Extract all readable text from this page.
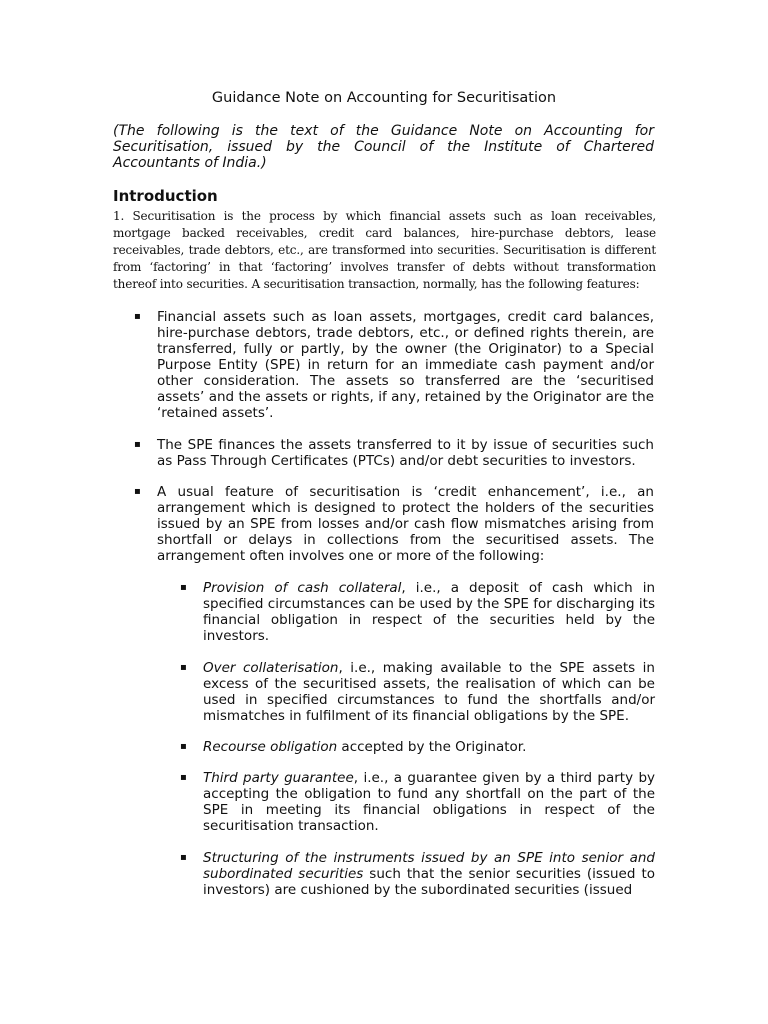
Guidance Note on Accounting for Securitisation
(The following is the text of the Guidance Note on Accounting for Securitisation, issued by the Council of the Institute of Chartered Accountants of India.)
Introduction
1. Securitisation is the process by which financial assets such as loan receivables, mortgage backed receivables, credit card balances, hire-purchase debtors, lease receivables, trade debtors, etc., are transformed into securities. Securitisation is different from ‘factoring’ in that ‘factoring’ involves transfer of debts without transformation thereof into securities. A securitisation transaction, normally, has the following features:
▪ Financial assets such as loan assets, mortgages, credit card balances, hire-purchase debtors, trade debtors, etc., or defined rights therein, are transferred, fully or partly, by the owner (the Originator) to a Special Purpose Entity (SPE) in return for an immediate cash payment and/or other consideration. The assets so transferred are the ‘securitised assets’ and the assets or rights, if any, retained by the Originator are the ‘retained assets’.
▪ The SPE finances the assets transferred to it by issue of securities such as Pass Through Certificates (PTCs) and/or debt securities to investors.
▪ A usual feature of securitisation is ‘credit enhancement’, i.e., an arrangement which is designed to protect the holders of the securities issued by an SPE from losses and/or cash flow mismatches arising from shortfall or delays in collections from the securitised assets. The arrangement often involves one or more of the following:
▪ Provision of cash collateral, i.e., a deposit of cash which in specified circumstances can be used by the SPE for discharging its financial obligation in respect of the securities held by the investors.
▪ Over collaterisation, i.e., making available to the SPE assets in excess of the securitised assets, the realisation of which can be used in specified circumstances to fund the shortfalls and/or mismatches in fulfilment of its financial obligations by the SPE.
▪ Recourse obligation accepted by the Originator.
▪ Third party guarantee, i.e., a guarantee given by a third party by accepting the obligation to fund any shortfall on the part of the SPE in meeting its financial obligations in respect of the securitisation transaction.
▪ Structuring of the instruments issued by an SPE into senior and subordinated securities such that the senior securities (issued to investors) are cushioned by the subordinated securities (issued
